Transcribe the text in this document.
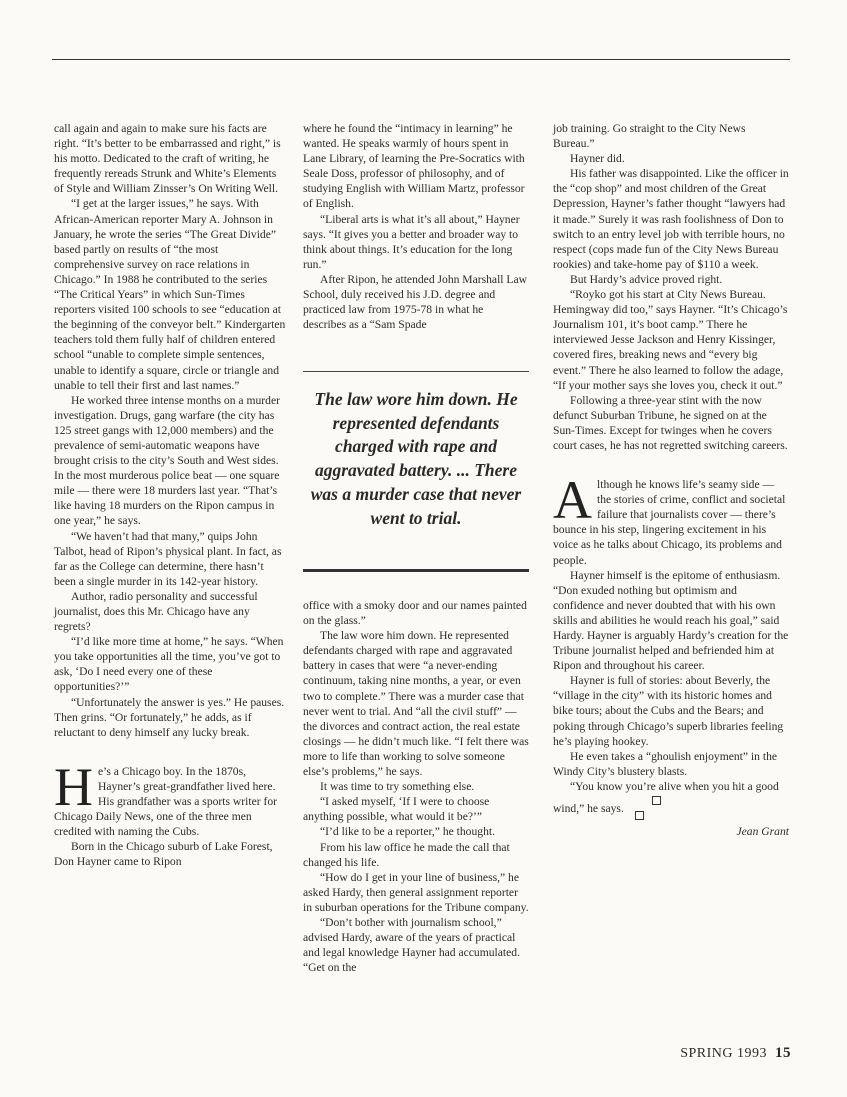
call again and again to make sure his facts are right. “It’s better to be embarrassed and right,” is his motto. Dedicated to the craft of writing, he frequently rereads Strunk and White’s Elements of Style and William Zinsser’s On Writing Well.

“I get at the larger issues,” he says. With African-American reporter Mary A. Johnson in January, he wrote the series “The Great Divide” based partly on results of “the most comprehensive survey on race relations in Chicago.” In 1988 he contributed to the series “The Critical Years” in which Sun-Times reporters visited 100 schools to see “education at the beginning of the conveyor belt.” Kindergarten teachers told them fully half of children entered school “unable to complete simple sentences, unable to identify a square, circle or triangle and unable to tell their first and last names.”

He worked three intense months on a murder investigation. Drugs, gang warfare (the city has 125 street gangs with 12,000 members) and the prevalence of semi-automatic weapons have brought crisis to the city’s South and West sides. In the most murderous police beat — one square mile — there were 18 murders last year. “That’s like having 18 murders on the Ripon campus in one year,” he says.

“We haven’t had that many,” quips John Talbot, head of Ripon’s physical plant. In fact, as far as the College can determine, there hasn’t been a single murder in its 142-year history.

Author, radio personality and successful journalist, does this Mr. Chicago have any regrets?

“I’d like more time at home,” he says. “When you take opportunities all the time, you’ve got to ask, ‘Do I need every one of these opportunities?’”

“Unfortunately the answer is yes.” He pauses. Then grins. “Or fortunately,” he adds, as if reluctant to deny himself any lucky break.

He’s a Chicago boy. In the 1870s, Hayner’s great-grandfather lived here. His grandfather was a sports writer for Chicago Daily News, one of the three men credited with naming the Cubs.

Born in the Chicago suburb of Lake Forest, Don Hayner came to Ripon

where he found the “intimacy in learning” he wanted. He speaks warmly of hours spent in Lane Library, of learning the Pre-Socratics with Seale Doss, professor of philosophy, and of studying English with William Martz, professor of English.

“Liberal arts is what it’s all about,” Hayner says. “It gives you a better and broader way to think about things. It’s education for the long run.”

After Ripon, he attended John Marshall Law School, duly received his J.D. degree and practiced law from 1975-78 in what he describes as a “Sam Spade

The law wore him down. He represented defendants charged with rape and aggravated battery. ... There was a murder case that never went to trial.

office with a smoky door and our names painted on the glass.”

The law wore him down. He represented defendants charged with rape and aggravated battery in cases that were “a never-ending continuum, taking nine months, a year, or even two to complete.” There was a murder case that never went to trial. And “all the civil stuff” — the divorces and contract action, the real estate closings — he didn’t much like. “I felt there was more to life than working to solve someone else’s problems,” he says.

It was time to try something else.

“I asked myself, ‘If I were to choose anything possible, what would it be?’”

“I’d like to be a reporter,” he thought.

From his law office he made the call that changed his life.

“How do I get in your line of business,” he asked Hardy, then general assignment reporter in suburban operations for the Tribune company.

“Don’t bother with journalism school,” advised Hardy, aware of the years of practical and legal knowledge Hayner had accumulated. “Get on the

job training. Go straight to the City News Bureau.”

Hayner did.

His father was disappointed. Like the officer in the “cop shop” and most children of the Great Depression, Hayner’s father thought “lawyers had it made.” Surely it was rash foolishness of Don to switch to an entry level job with terrible hours, no respect (cops made fun of the City News Bureau rookies) and take-home pay of $110 a week.

But Hardy’s advice proved right.

“Royko got his start at City News Bureau. Hemingway did too,” says Hayner. “It’s Chicago’s Journalism 101, it’s boot camp.” There he interviewed Jesse Jackson and Henry Kissinger, covered fires, breaking news and “every big event.” There he also learned to follow the adage, “If your mother says she loves you, check it out.”

Following a three-year stint with the now defunct Suburban Tribune, he signed on at the Sun-Times. Except for twinges when he covers court cases, he has not regretted switching careers.

Although he knows life’s seamy side — the stories of crime, conflict and societal failure that journalists cover — there’s bounce in his step, lingering excitement in his voice as he talks about Chicago, its problems and people.

Hayner himself is the epitome of enthusiasm. “Don exuded nothing but optimism and confidence and never doubted that with his own skills and abilities he would reach his goal,” said Hardy. Hayner is arguably Hardy’s creation for the Tribune journalist helped and befriended him at Ripon and throughout his career.

Hayner is full of stories: about Beverly, the “village in the city” with its historic homes and bike tours; about the Cubs and the Bears; and poking through Chicago’s superb libraries feeling he’s playing hookey.

He even takes a “ghoulish enjoyment” in the Windy City’s blustery blasts.

“You know you’re alive when you hit a good wind,” he says.

Jean Grant
SPRING 1993 15
